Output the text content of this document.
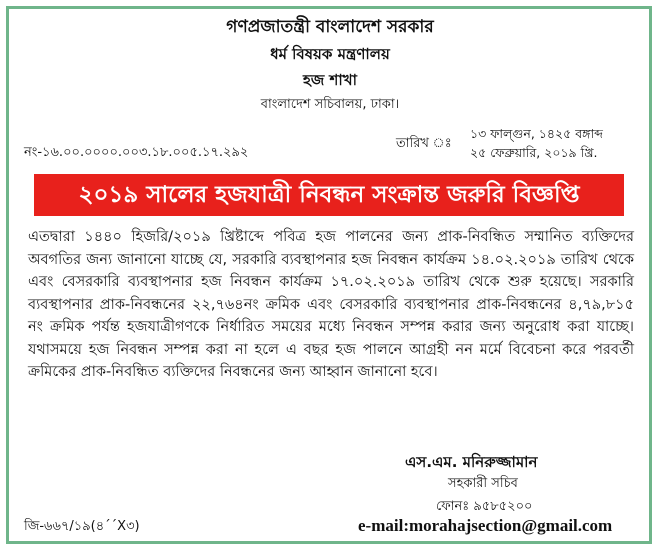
গণপ্রজাতন্ত্রী বাংলাদেশ সরকার
ধর্ম বিষয়ক মন্ত্রণালয়
হজ শাখা
বাংলাদেশ সচিবালয়, ঢাকা।
নং-১৬.০০.০০০০.০০৩.১৮.০০৫.১৭.২৯২
তারিখ ঃ
১৩ ফাল্গুন, ১৪২৫ বঙ্গাব্দ
২৫ ফেব্রুয়ারি, ২০১৯ খ্রি.
২০১৯ সালের হজযাত্রী নিবন্ধন সংক্রান্ত জরুরি বিজ্ঞপ্তি

এতদ্বারা ১৪৪০ হিজরি/২০১৯ খ্রিষ্টাব্দে পবিত্র হজ পালনের জন্য প্রাক-নিবন্ধিত সম্মানিত ব্যক্তিদের অবগতির জন্য জানানো যাচ্ছে যে, সরকারি ব্যবস্থাপনার হজ নিবন্ধন কার্যক্রম ১৪.০২.২০১৯ তারিখ থেকে এবং বেসরকারি ব্যবস্থাপনার হজ নিবন্ধন কার্যক্রম ১৭.০২.২০১৯ তারিখ থেকে শুরু হয়েছে। সরকারি ব্যবস্থাপনার প্রাক-নিবন্ধনের ২২,৭৬৪নং ক্রমিক এবং বেসরকারি ব্যবস্থাপনার প্রাক-নিবন্ধনের ৪,৭৯,৮১৫ নং ক্রমিক পর্যন্ত হজযাত্রীগণকে নির্ধারিত সময়ের মধ্যে নিবন্ধন সম্পন্ন করার জন্য অনুরোধ করা যাচ্ছে। যথাসময়ে হজ নিবন্ধন সম্পন্ন করা না হলে এ বছর হজ পালনে আগ্রহী নন মর্মে বিবেচনা করে পরবর্তী ক্রমিকের প্রাক-নিবন্ধিত ব্যক্তিদের নিবন্ধনের জন্য আহ্বান জানানো হবে।

এস.এম. মনিরুজ্জামান
সহকারী সচিব
ফোনঃ ৯৫৮৫২০০
জি-৬৬৭/১৯(৪´´X৩)	e-mail:morahajsection@gmail.com
